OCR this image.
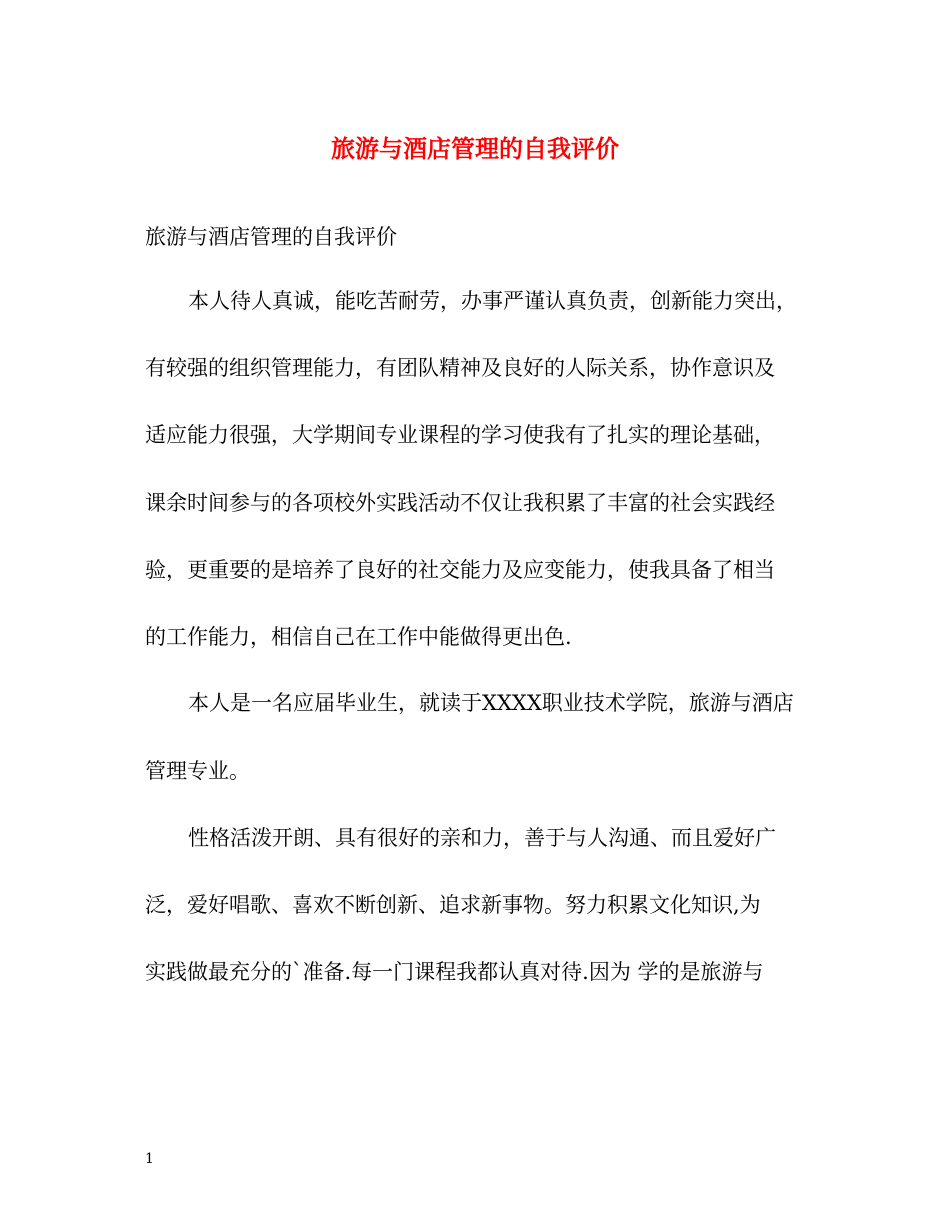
旅游与酒店管理的自我评价

旅游与酒店管理的自我评价

本人待人真诚，能吃苦耐劳，办事严谨认真负责，创新能力突出，

有较强的组织管理能力，有团队精神及良好的人际关系，协作意识及

适应能力很强，大学期间专业课程的学习使我有了扎实的理论基础，

课余时间参与的各项校外实践活动不仅让我积累了丰富的社会实践经

验，更重要的是培养了良好的社交能力及应变能力，使我具备了相当

的工作能力，相信自己在工作中能做得更出色.

本人是一名应届毕业生，就读于XXXX职业技术学院，旅游与酒店

管理专业。

性格活泼开朗、具有很好的亲和力，善于与人沟通、而且爱好广

泛，爱好唱歌、喜欢不断创新、追求新事物。努力积累文化知识,为

实践做最充分的`准备.每一门课程我都认真对待.因为 学的是旅游与

1
